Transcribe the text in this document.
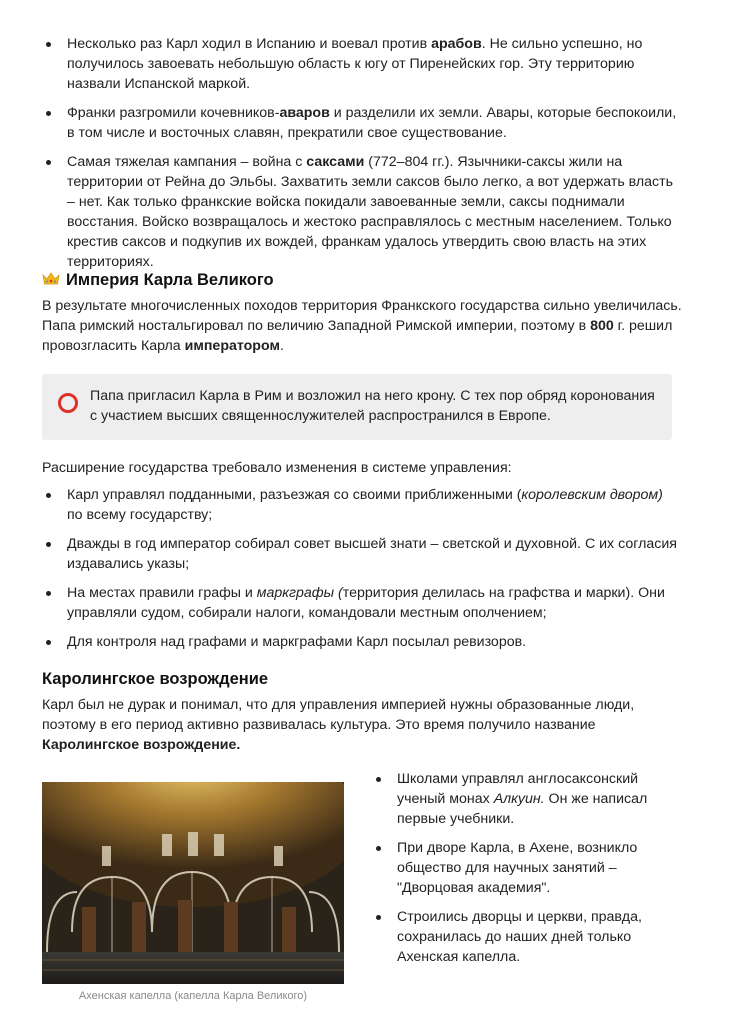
Несколько раз Карл ходил в Испанию и воевал против арабов. Не сильно успешно, но получилось завоевать небольшую область к югу от Пиренейских гор. Эту территорию назвали Испанской маркой.
Франки разгромили кочевников-аваров и разделили их земли. Авары, которые беспокоили, в том числе и восточных славян, прекратили свое существование.
Самая тяжелая кампания – война с саксами (772–804 гг.). Язычники-саксы жили на территории от Рейна до Эльбы. Захватить земли саксов было легко, а вот удержать власть – нет. Как только франкские войска покидали завоеванные земли, саксы поднимали восстания. Войско возвращалось и жестоко расправлялось с местным населением. Только крестив саксов и подкупив их вождей, франкам удалось утвердить свою власть на этих территориях.
Империя Карла Великого
В результате многочисленных походов территория Франкского государства сильно увеличилась. Папа римский ностальгировал по величию Западной Римской империи, поэтому в 800 г. решил провозгласить Карла императором.
Папа пригласил Карла в Рим и возложил на него крону. С тех пор обряд коронования с участием высших священнослужителей распространился в Европе.
Расширение государства требовало изменения в системе управления:
Карл управлял подданными, разъезжая со своими приближенными (королевским двором) по всему государству;
Дважды в год император собирал совет высшей знати – светской и духовной. С их согласия издавались указы;
На местах правили графы и маркграфы (территория делилась на графства и марки). Они управляли судом, собирали налоги, командовали местным ополчением;
Для контроля над графами и маркграфами Карл посылал ревизоров.
Каролингское возрождение
Карл был не дурак и понимал, что для управления империей нужны образованные люди, поэтому в его период активно развивалась культура. Это время получило название Каролингское возрождение.
Ахенская капелла (капелла Карла Великого)
Школами управлял англосаксонский ученый монах Алкуин. Он же написал первые учебники.
При дворе Карла, в Ахене, возникло общество для научных занятий – "Дворцовая академия".
Строились дворцы и церкви, правда, сохранилась до наших дней только Ахенская капелла.
